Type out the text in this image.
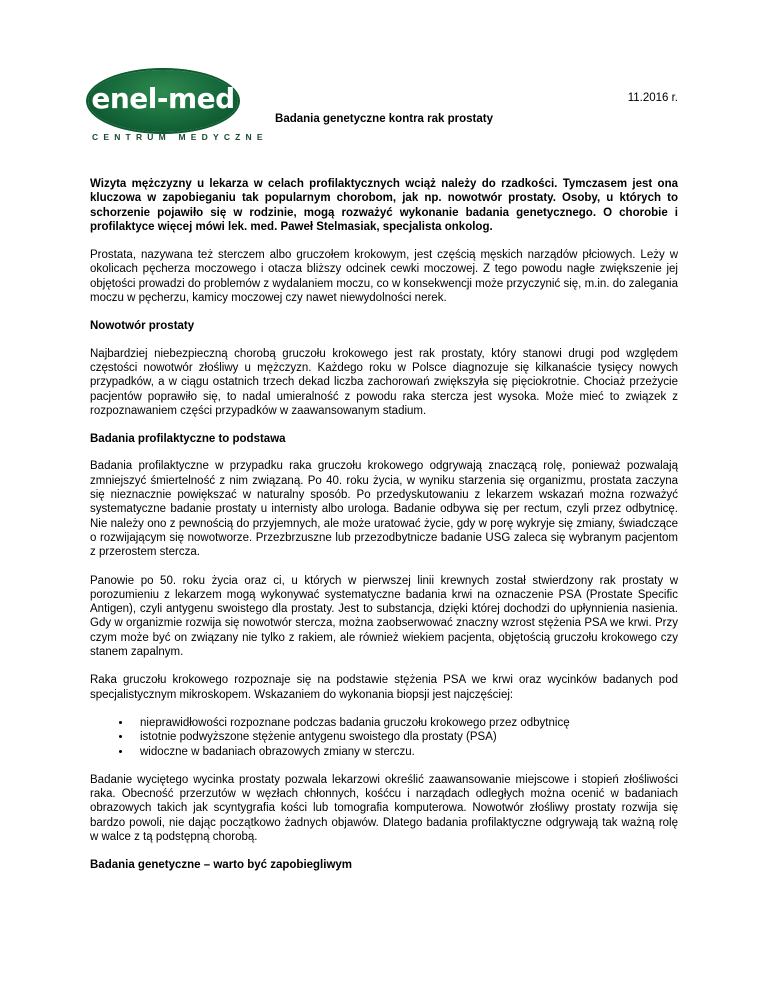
enel-med
CENTRUM MEDYCZNE
11.2016 r.
Badania genetyczne kontra rak prostaty

Wizyta mężczyzny u lekarza w celach profilaktycznych wciąż należy do rzadkości. Tymczasem jest ona kluczowa w zapobieganiu tak popularnym chorobom, jak np. nowotwór prostaty. Osoby, u których to schorzenie pojawiło się w rodzinie, mogą rozważyć wykonanie badania genetycznego. O chorobie i profilaktyce więcej mówi lek. med. Paweł Stelmasiak, specjalista onkolog.

Prostata, nazywana też sterczem albo gruczołem krokowym, jest częścią męskich narządów płciowych. Leży w okolicach pęcherza moczowego i otacza bliższy odcinek cewki moczowej. Z tego powodu nagłe zwiększenie jej objętości prowadzi do problemów z wydalaniem moczu, co w konsekwencji może przyczynić się, m.in. do zalegania moczu w pęcherzu, kamicy moczowej czy nawet niewydolności nerek.

Nowotwór prostaty

Najbardziej niebezpieczną chorobą gruczołu krokowego jest rak prostaty, który stanowi drugi pod względem częstości nowotwór złośliwy u mężczyzn. Każdego roku w Polsce diagnozuje się kilkanaście tysięcy nowych przypadków, a w ciągu ostatnich trzech dekad liczba zachorowań zwiększyła się pięciokrotnie. Chociaż przeżycie pacjentów poprawiło się, to nadal umieralność z powodu raka stercza jest wysoka. Może mieć to związek z rozpoznawaniem części przypadków w zaawansowanym stadium.

Badania profilaktyczne to podstawa

Badania profilaktyczne w przypadku raka gruczołu krokowego odgrywają znaczącą rolę, ponieważ pozwalają zmniejszyć śmiertelność z nim związaną. Po 40. roku życia, w wyniku starzenia się organizmu, prostata zaczyna się nieznacznie powiększać w naturalny sposób. Po przedyskutowaniu z lekarzem wskazań można rozważyć systematyczne badanie prostaty u internisty albo urologa. Badanie odbywa się per rectum, czyli przez odbytnicę. Nie należy ono z pewnością do przyjemnych, ale może uratować życie, gdy w porę wykryje się zmiany, świadczące o rozwijającym się nowotworze. Przezbrzuszne lub przezodbytnicze badanie USG zaleca się wybranym pacjentom z przerostem stercza.

Panowie po 50. roku życia oraz ci, u których w pierwszej linii krewnych został stwierdzony rak prostaty w porozumieniu z lekarzem mogą wykonywać systematyczne badania krwi na oznaczenie PSA (Prostate Specific Antigen), czyli antygenu swoistego dla prostaty. Jest to substancja, dzięki której dochodzi do upłynnienia nasienia. Gdy w organizmie rozwija się nowotwór stercza, można zaobserwować znaczny wzrost stężenia PSA we krwi. Przy czym może być on związany nie tylko z rakiem, ale również wiekiem pacjenta, objętością gruczołu krokowego czy stanem zapalnym.

Raka gruczołu krokowego rozpoznaje się na podstawie stężenia PSA we krwi oraz wycinków badanych pod specjalistycznym mikroskopem. Wskazaniem do wykonania biopsji jest najczęściej:

• nieprawidłowości rozpoznane podczas badania gruczołu krokowego przez odbytnicę
• istotnie podwyższone stężenie antygenu swoistego dla prostaty (PSA)
• widoczne w badaniach obrazowych zmiany w sterczu.

Badanie wyciętego wycinka prostaty pozwala lekarzowi określić zaawansowanie miejscowe i stopień złośliwości raka. Obecność przerzutów w węzłach chłonnych, kośćcu i narządach odległych można ocenić w badaniach obrazowych takich jak scyntygrafia kości lub tomografia komputerowa. Nowotwór złośliwy prostaty rozwija się bardzo powoli, nie dając początkowo żadnych objawów. Dlatego badania profilaktyczne odgrywają tak ważną rolę w walce z tą podstępną chorobą.

Badania genetyczne – warto być zapobiegliwym
